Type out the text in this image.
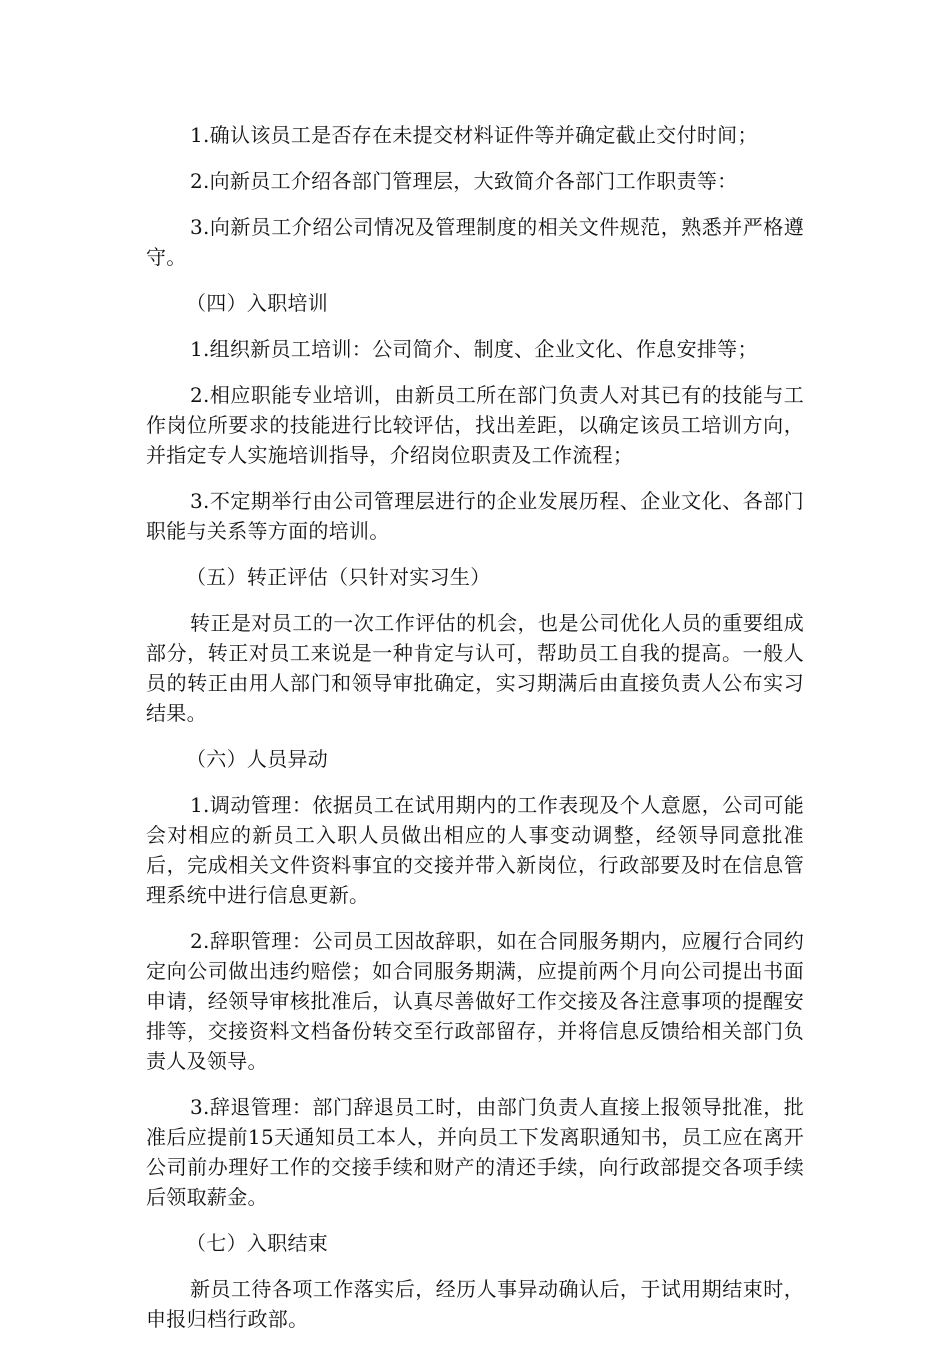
1.确认该员工是否存在未提交材料证件等并确定截止交付时间；

2.向新员工介绍各部门管理层，大致简介各部门工作职责等：

3.向新员工介绍公司情况及管理制度的相关文件规范，熟悉并严格遵守。

（四）入职培训

1.组织新员工培训：公司简介、制度、企业文化、作息安排等；

2.相应职能专业培训，由新员工所在部门负责人对其已有的技能与工作岗位所要求的技能进行比较评估，找出差距，以确定该员工培训方向，并指定专人实施培训指导，介绍岗位职责及工作流程；

3.不定期举行由公司管理层进行的企业发展历程、企业文化、各部门职能与关系等方面的培训。

（五）转正评估（只针对实习生）

转正是对员工的一次工作评估的机会，也是公司优化人员的重要组成部分，转正对员工来说是一种肯定与认可，帮助员工自我的提高。一般人员的转正由用人部门和领导审批确定，实习期满后由直接负责人公布实习结果。

（六）人员异动

1.调动管理：依据员工在试用期内的工作表现及个人意愿，公司可能会对相应的新员工入职人员做出相应的人事变动调整，经领导同意批准后，完成相关文件资料事宜的交接并带入新岗位，行政部要及时在信息管理系统中进行信息更新。

2.辞职管理：公司员工因故辞职，如在合同服务期内，应履行合同约定向公司做出违约赔偿；如合同服务期满，应提前两个月向公司提出书面申请，经领导审核批准后，认真尽善做好工作交接及各注意事项的提醒安排等，交接资料文档备份转交至行政部留存，并将信息反馈给相关部门负责人及领导。

3.辞退管理：部门辞退员工时，由部门负责人直接上报领导批准，批准后应提前15天通知员工本人，并向员工下发离职通知书，员工应在离开公司前办理好工作的交接手续和财产的清还手续，向行政部提交各项手续后领取薪金。

（七）入职结束

新员工待各项工作落实后，经历人事异动确认后，于试用期结束时，申报归档行政部。
